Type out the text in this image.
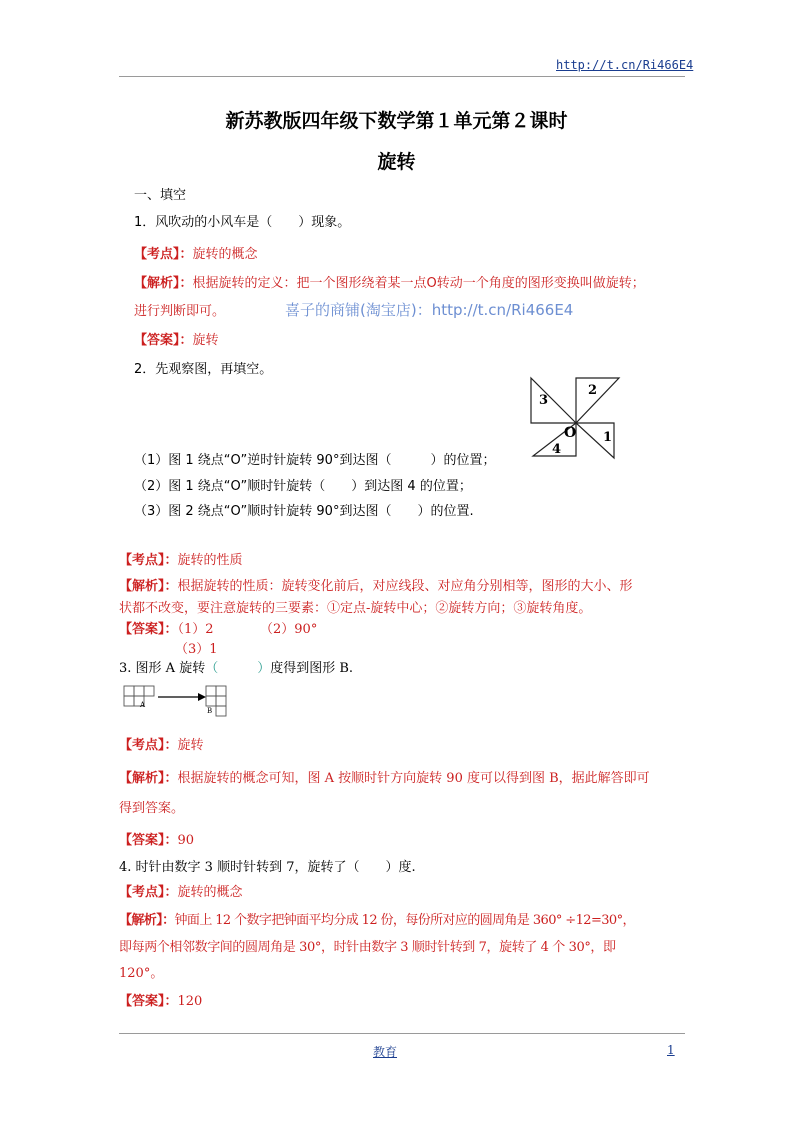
http://t.cn/Ri466E4
新苏教版四年级下数学第１单元第２课时
旋转
一、填空
1．风吹动的小风车是（　　）现象。
【考点】：旋转的概念
【解析】：根据旋转的定义：把一个图形绕着某一点O转动一个角度的图形变换叫做旋转；
进行判断即可。	喜子的商铺(淘宝店)：http://t.cn/Ri466E4
【答案】：旋转
2．先观察图，再填空。
2
3
4
1
O
（1）图 1 绕点“O”逆时针旋转 90°到达图（　　　）的位置；
（2）图 1 绕点“O”顺时针旋转（　　）到达图 4 的位置；
（3）图 2 绕点“O”顺时针旋转 90°到达图（　　）的位置.
【考点】：旋转的性质
【解析】：根据旋转的性质：旋转变化前后，对应线段、对应角分别相等，图形的大小、形
状都不改变，要注意旋转的三要素：①定点-旋转中心；②旋转方向；③旋转角度。
【答案】：（1）2	（2）90°
（3）1
3. 图形 A 旋转（　　　）度得到图形 B.
A
B
【考点】：旋转
【解析】：根据旋转的概念可知，图 A 按顺时针方向旋转 90 度可以得到图 B，据此解答即可
得到答案。
【答案】：90
4. 时针由数字 3 顺时针转到 7，旋转了（　　）度.
【考点】：旋转的概念
【解析】：钟面上 12 个数字把钟面平均分成 12 份，每份所对应的圆周角是 360° ÷12=30°，
即每两个相邻数字间的圆周角是 30°，时针由数字 3 顺时针转到 7，旋转了 4 个 30°，即
120°。
【答案】：120
教育	1
